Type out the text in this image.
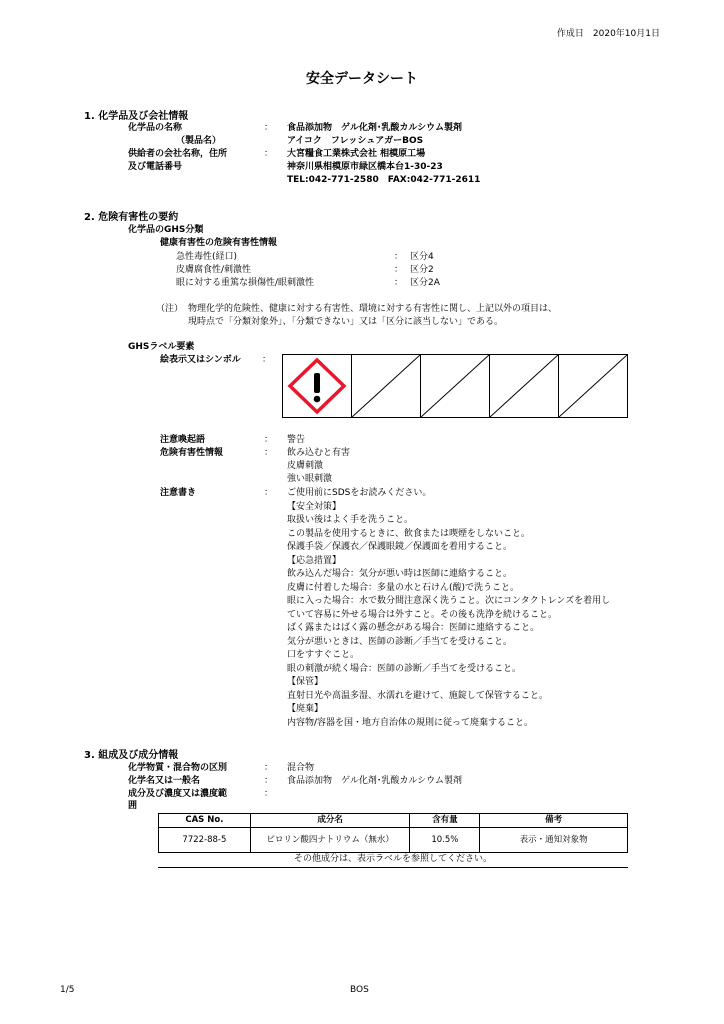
作成日　2020年10月1日
安全データシート
1. 化学品及び会社情報
化学品の名称	： 食品添加物　ゲル化剤･乳酸カルシウム製剤
（製品名）	アイコク　フレッシュアガーBOS
供給者の会社名称，住所	： 大宮糧食工業株式会社 相模原工場
及び電話番号	神奈川県相模原市緑区橋本台1-30-23
TEL:042-771-2580　FAX:042-771-2611
2. 危険有害性の要約
化学品のGHS分類
健康有害性の危険有害性情報
急性毒性(経口)	： 区分4
皮膚腐食性/刺激性	： 区分2
眼に対する重篤な損傷性/眼刺激性	： 区分2A
（注） 物理化学的危険性、健康に対する有害性、環境に対する有害性に関し、上記以外の項目は、
現時点で「分類対象外」、「分類できない」又は「区分に該当しない」である。
GHSラベル要素
絵表示又はシンボル ：
注意喚起語	： 警告
危険有害性情報	： 飲み込むと有害
皮膚刺激
強い眼刺激
注意書き	： ご使用前にSDSをお読みください。
【安全対策】
取扱い後はよく手を洗うこと。
この製品を使用するときに、飲食または喫煙をしないこと。
保護手袋／保護衣／保護眼鏡／保護面を着用すること。
【応急措置】
飲み込んだ場合：気分が悪い時は医師に連絡すること。
皮膚に付着した場合：多量の水と石けん(酸)で洗うこと。
眼に入った場合：水で数分間注意深く洗うこと。次にコンタクトレンズを着用し
ていて容易に外せる場合は外すこと。その後も洗浄を続けること。
ばく露またはばく露の懸念がある場合：医師に連絡すること。
気分が悪いときは、医師の診断／手当てを受けること。
口をすすぐこと。
眼の刺激が続く場合：医師の診断／手当てを受けること。
【保管】
直射日光や高温多湿、水濡れを避けて、施錠して保管すること。
【廃棄】
内容物/容器を国・地方自治体の規則に従って廃棄すること。
3. 組成及び成分情報
化学物質・混合物の区別	： 混合物
化学名又は一般名	： 食品添加物　ゲル化剤･乳酸カルシウム製剤
成分及び濃度又は濃度範	：
囲
CAS No.	成分名	含有量	備考
7722-88-5	ピロリン酸四ナトリウム（無水）	10.5%	表示・通知対象物
その他成分は、表示ラベルを参照してください。
1/5	BOS
